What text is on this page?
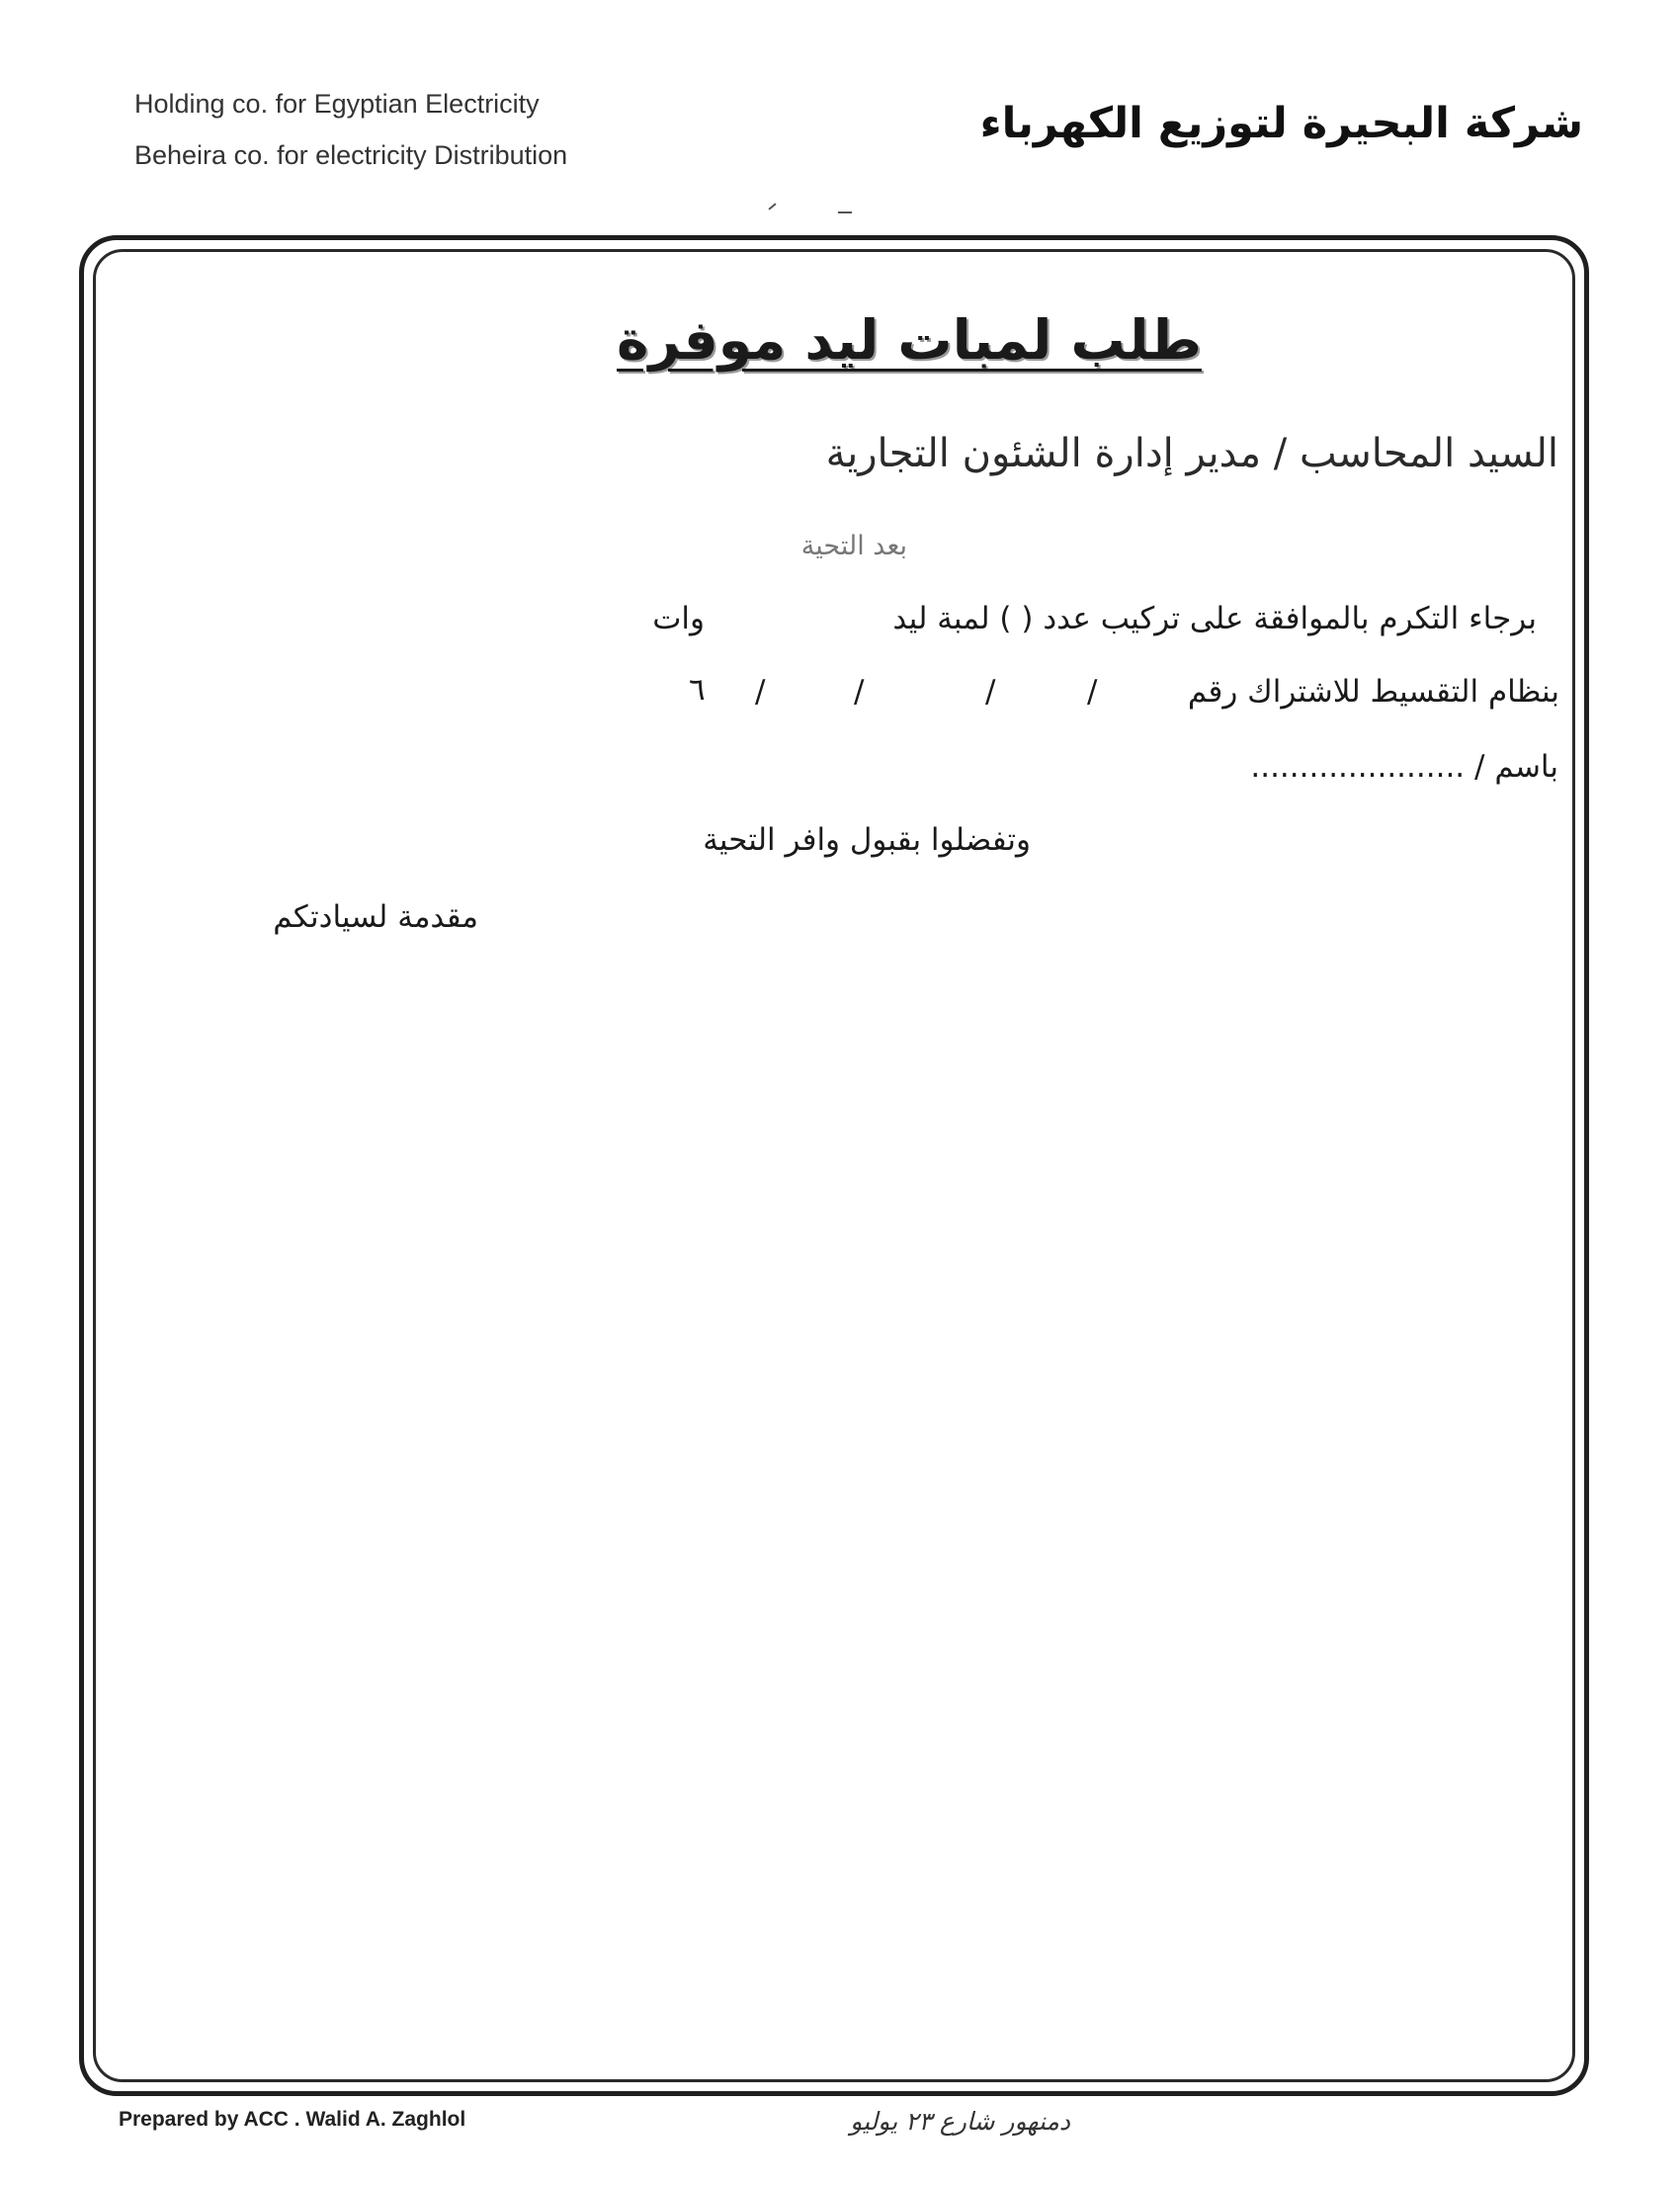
Holding co. for Egyptian Electricity
Beheira co. for electricity Distribution
شركة البحيرة لتوزيع الكهرباء
طلب لمبات ليد موفرة
السيد المحاسب / مدير إدارة الشئون التجارية
بعد التحية
برجاء التكرم بالموافقة على تركيب عدد ( ) لمبة ليد
وات
بنظام التقسيط للاشتراك رقم
/
/
/
/
٦
باسم / ......................
وتفضلوا بقبول وافر التحية
مقدمة لسيادتكم
Prepared by ACC . Walid A. Zaghlol	دمنهور شارع ٢٣ يوليو
